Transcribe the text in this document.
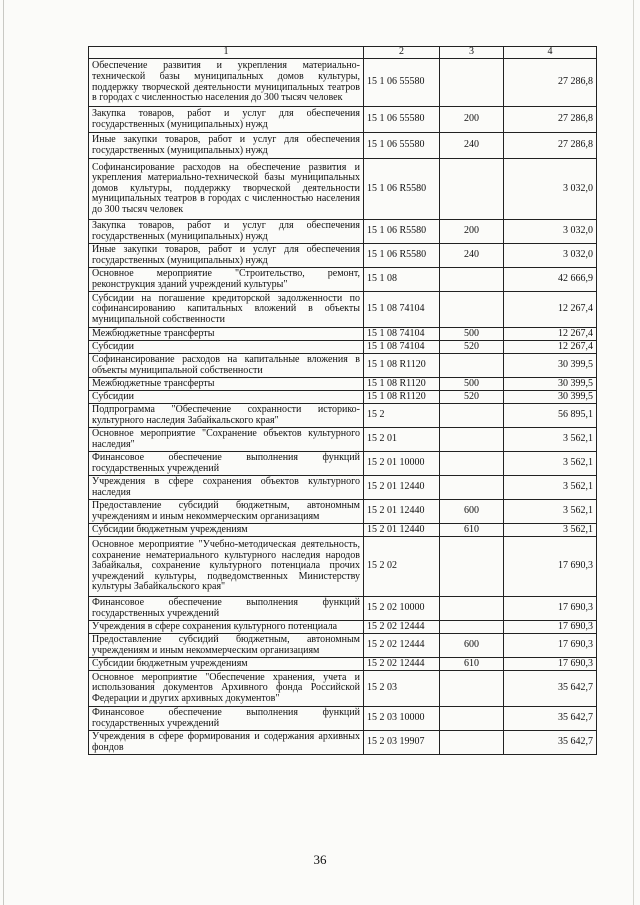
1	2	3	4
Обеспечение развития и укрепления материально-технической базы муниципальных домов культуры, поддержку творческой деятельности муниципальных театров в городах с численностью населения до 300 тысяч человек	15 1 06 55580		27 286,8
Закупка товаров, работ и услуг для обеспечения государственных (муниципальных) нужд	15 1 06 55580	200	27 286,8
Иные закупки товаров, работ и услуг для обеспечения государственных (муниципальных) нужд	15 1 06 55580	240	27 286,8
Софинансирование расходов на обеспечение развития и укрепления материально-технической базы муниципальных домов культуры, поддержку творческой деятельности муниципальных театров в городах с численностью населения до 300 тысяч человек	15 1 06 R5580		3 032,0
Закупка товаров, работ и услуг для обеспечения государственных (муниципальных) нужд	15 1 06 R5580	200	3 032,0
Иные закупки товаров, работ и услуг для обеспечения государственных (муниципальных) нужд	15 1 06 R5580	240	3 032,0
Основное мероприятие "Строительство, ремонт, реконструкция зданий учреждений культуры"	15 1 08		42 666,9
Субсидии на погашение кредиторской задолженности по софинансированию капитальных вложений в объекты муниципальной собственности	15 1 08 74104		12 267,4
Межбюджетные трансферты	15 1 08 74104	500	12 267,4
Субсидии	15 1 08 74104	520	12 267,4
Софинансирование расходов на капитальные вложения в объекты муниципальной собственности	15 1 08 R1120		30 399,5
Межбюджетные трансферты	15 1 08 R1120	500	30 399,5
Субсидии	15 1 08 R1120	520	30 399,5
Подпрограмма "Обеспечение сохранности историко-культурного наследия Забайкальского края"	15 2		56 895,1
Основное мероприятие "Сохранение объектов культурного наследия"	15 2 01		3 562,1
Финансовое обеспечение выполнения функций государственных учреждений	15 2 01 10000		3 562,1
Учреждения в сфере сохранения объектов культурного наследия	15 2 01 12440		3 562,1
Предоставление субсидий бюджетным, автономным учреждениям и иным некоммерческим организациям	15 2 01 12440	600	3 562,1
Субсидии бюджетным учреждениям	15 2 01 12440	610	3 562,1
Основное мероприятие "Учебно-методическая деятельность, сохранение нематериального культурного наследия народов Забайкалья, сохранение культурного потенциала прочих учреждений культуры, подведомственных Министерству культуры Забайкальского края"	15 2 02		17 690,3
Финансовое обеспечение выполнения функций государственных учреждений	15 2 02 10000		17 690,3
Учреждения в сфере сохранения культурного потенциала	15 2 02 12444		17 690,3
Предоставление субсидий бюджетным, автономным учреждениям и иным некоммерческим организациям	15 2 02 12444	600	17 690,3
Субсидии бюджетным учреждениям	15 2 02 12444	610	17 690,3
Основное мероприятие "Обеспечение хранения, учета и использования документов Архивного фонда Российской Федерации и других архивных документов"	15 2 03		35 642,7
Финансовое обеспечение выполнения функций государственных учреждений	15 2 03 10000		35 642,7
Учреждения в сфере формирования и содержания архивных фондов	15 2 03 19907		35 642,7
36
